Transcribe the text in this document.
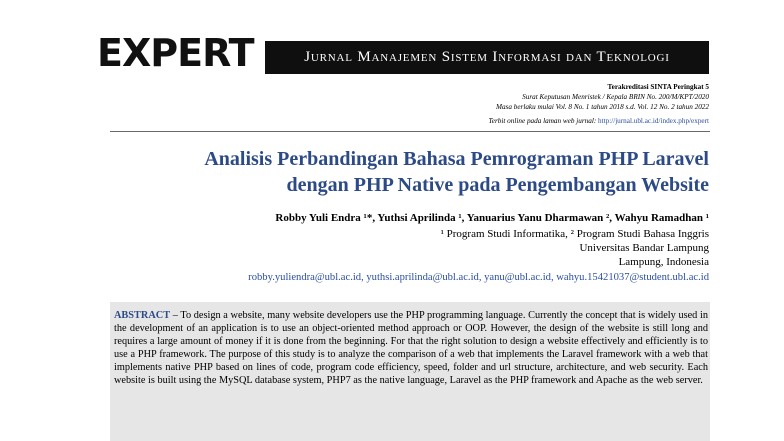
EXPERT	Jurnal Manajemen Sistem Informasi dan Teknologi
Terakreditasi SINTA Peringkat 5
Surat Keputusan Menristek / Kepala BRIN No. 200/M/KPT/2020
Masa berlaku mulai Vol. 8 No. 1 tahun 2018 s.d. Vol. 12 No. 2 tahun 2022
Terbit online pada laman web jurnal: http://jurnal.ubl.ac.id/index.php/expert
Analisis Perbandingan Bahasa Pemrograman PHP Laravel
dengan PHP Native pada Pengembangan Website
Robby Yuli Endra ¹*, Yuthsi Aprilinda ¹, Yanuarius Yanu Dharmawan ², Wahyu Ramadhan ¹
¹ Program Studi Informatika, ² Program Studi Bahasa Inggris
Universitas Bandar Lampung
Lampung, Indonesia
robby.yuliendra@ubl.ac.id, yuthsi.aprilinda@ubl.ac.id, yanu@ubl.ac.id, wahyu.15421037@student.ubl.ac.id
ABSTRACT – To design a website, many website developers use the PHP programming language. Currently the concept that is widely used in the development of an application is to use an object-oriented method approach or OOP. However, the design of the website is still long and requires a large amount of money if it is done from the beginning. For that the right solution to design a website effectively and efficiently is to use a PHP framework. The purpose of this study is to analyze the comparison of a web that implements the Laravel framework with a web that implements native PHP based on lines of code, program code efficiency, speed, folder and url structure, architecture, and web security. Each website is built using the MySQL database system, PHP7 as the native language, Laravel as the PHP framework and Apache as the web server.
